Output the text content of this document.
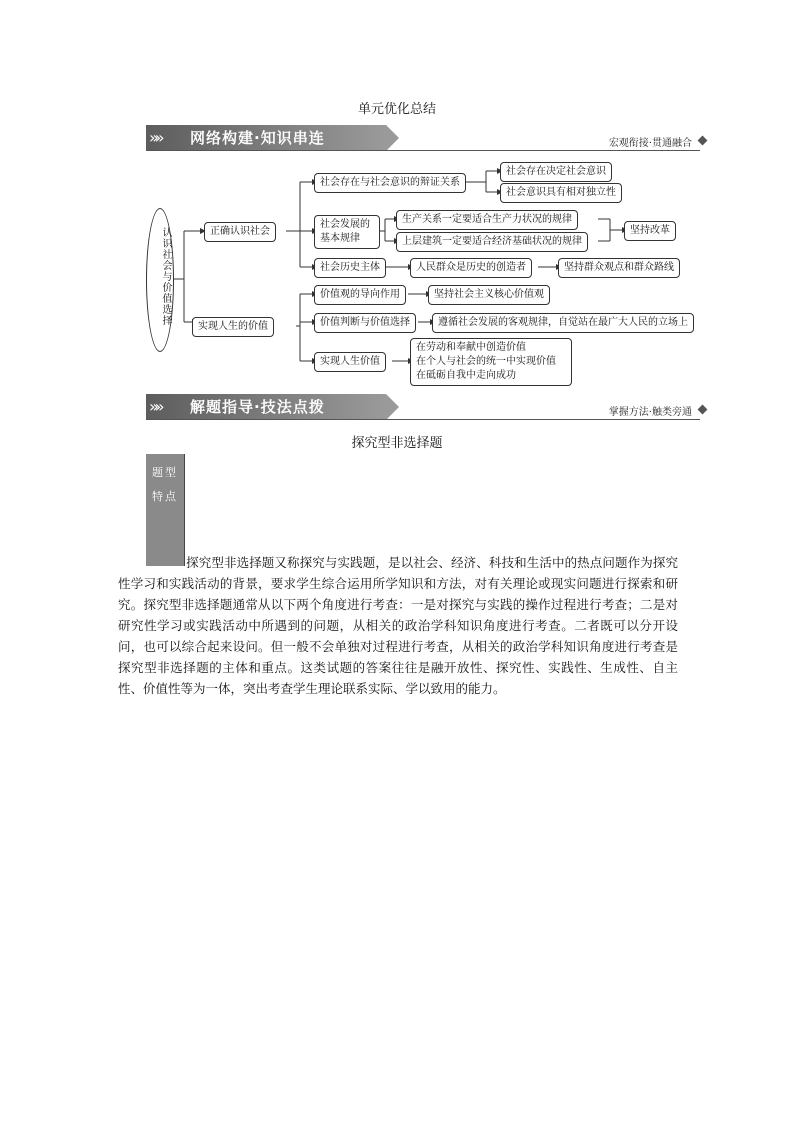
单元优化总结
»» 网络构建·知识串连	宏观衔接·贯通融合
认识社会与价值选择	正确认识社会
社会存在与社会意识的辩证关系
社会存在决定社会意识
社会意识具有相对独立性
社会发展的
基本规律
生产关系一定要适合生产力状况的规律
上层建筑一定要适合经济基础状况的规律
坚持改革
社会历史主体	人民群众是历史的创造者	坚持群众观点和群众路线
实现人生的价值
价值观的导向作用	坚持社会主义核心价值观
价值判断与价值选择	遵循社会发展的客观规律，自觉站在最广大人民的立场上
实现人生价值
在劳动和奉献中创造价值
在个人与社会的统一中实现价值
在砥砺自我中走向成功
»» 解题指导·技法点拨	掌握方法·触类旁通
探究型非选择题
题型
特点
探究型非选择题又称探究与实践题，是以社会、经济、科技和生活中的热点问题作为探究性学习和实践活动的背景，要求学生综合运用所学知识和方法，对有关理论或现实问题进行探索和研究。探究型非选择题通常从以下两个角度进行考查：一是对探究与实践的操作过程进行考查；二是对研究性学习或实践活动中所遇到的问题，从相关的政治学科知识角度进行考查。二者既可以分开设问，也可以综合起来设问。但一般不会单独对过程进行考查，从相关的政治学科知识角度进行考查是探究型非选择题的主体和重点。这类试题的答案往往是融开放性、探究性、实践性、生成性、自主性、价值性等为一体，突出考查学生理论联系实际、学以致用的能力。
